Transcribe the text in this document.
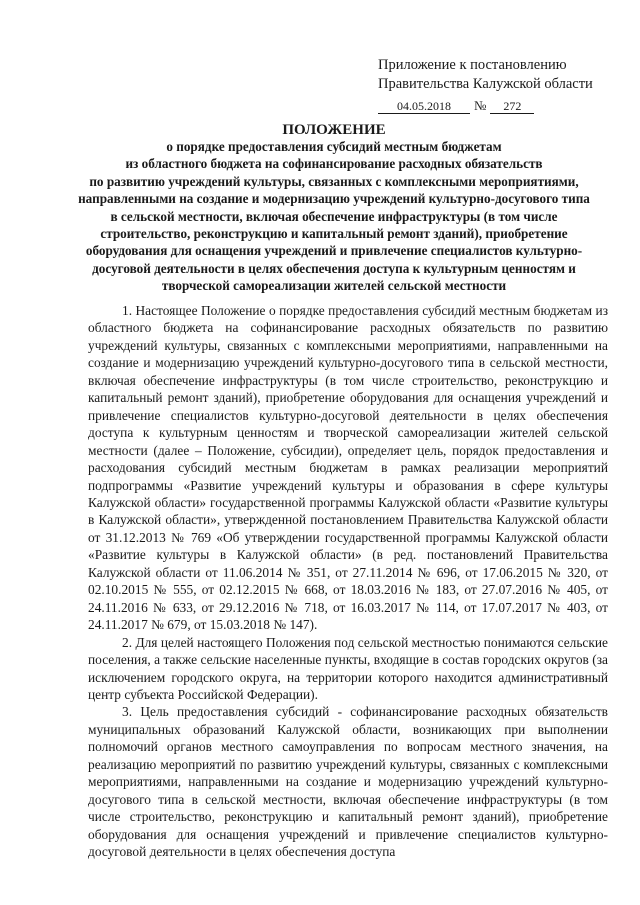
Приложение к постановлению
Правительства Калужской области
04.05.2018 № 272
ПОЛОЖЕНИЕ
о порядке предоставления субсидий местным бюджетам
из областного бюджета на софинансирование расходных обязательств
по развитию учреждений культуры, связанных с комплексными мероприятиями,
направленными на создание и модернизацию учреждений культурно-досугового типа
в сельской местности, включая обеспечение инфраструктуры (в том числе
строительство, реконструкцию и капитальный ремонт зданий), приобретение
оборудования для оснащения учреждений и привлечение специалистов культурно-
досуговой деятельности в целях обеспечения доступа к культурным ценностям и
творческой самореализации жителей сельской местности

1. Настоящее Положение о порядке предоставления субсидий местным бюджетам из областного бюджета на софинансирование расходных обязательств по развитию учреждений культуры, связанных с комплексными мероприятиями, направленными на создание и модернизацию учреждений культурно-досугового типа в сельской местности, включая обеспечение инфраструктуры (в том числе строительство, реконструкцию и капитальный ремонт зданий), приобретение оборудования для оснащения учреждений и привлечение специалистов культурно-досуговой деятельности в целях обеспечения доступа к культурным ценностям и творческой самореализации жителей сельской местности (далее – Положение, субсидии), определяет цель, порядок предоставления и расходования субсидий местным бюджетам в рамках реализации мероприятий подпрограммы «Развитие учреждений культуры и образования в сфере культуры Калужской области» государственной программы Калужской области «Развитие культуры в Калужской области», утвержденной постановлением Правительства Калужской области от 31.12.2013 № 769 «Об утверждении государственной программы Калужской области «Развитие культуры в Калужской области» (в ред. постановлений Правительства Калужской области от 11.06.2014 № 351, от 27.11.2014 № 696, от 17.06.2015 № 320, от 02.10.2015 № 555, от 02.12.2015 № 668, от 18.03.2016 № 183, от 27.07.2016 № 405, от 24.11.2016 № 633, от 29.12.2016 № 718, от 16.03.2017 № 114, от 17.07.2017 № 403, от 24.11.2017 № 679, от 15.03.2018 № 147).

2. Для целей настоящего Положения под сельской местностью понимаются сельские поселения, а также сельские населенные пункты, входящие в состав городских округов (за исключением городского округа, на территории которого находится административный центр субъекта Российской Федерации).

3. Цель предоставления субсидий - софинансирование расходных обязательств муниципальных образований Калужской области, возникающих при выполнении полномочий органов местного самоуправления по вопросам местного значения, на реализацию мероприятий по развитию учреждений культуры, связанных с комплексными мероприятиями, направленными на создание и модернизацию учреждений культурно-досугового типа в сельской местности, включая обеспечение инфраструктуры (в том числе строительство, реконструкцию и капитальный ремонт зданий), приобретение оборудования для оснащения учреждений и привлечение специалистов культурно-досуговой деятельности в целях обеспечения доступа
